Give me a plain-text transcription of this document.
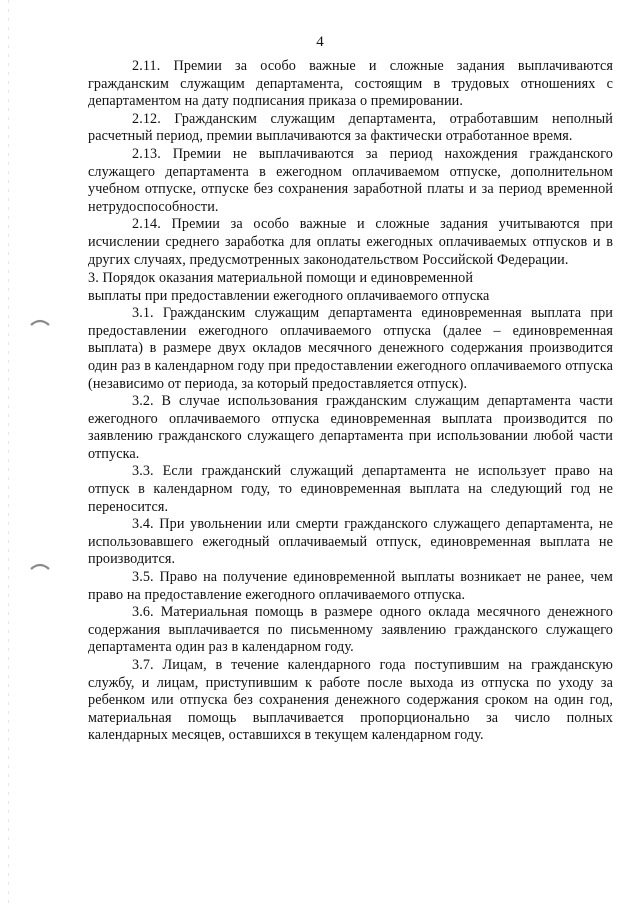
4

2.11. Премии за особо важные и сложные задания выплачиваются гражданским служащим департамента, состоящим в трудовых отношениях с департаментом на дату подписания приказа о премировании.

2.12. Гражданским служащим департамента, отработавшим неполный расчетный период, премии выплачиваются за фактически отработанное время.

2.13. Премии не выплачиваются за период нахождения гражданского служащего департамента в ежегодном оплачиваемом отпуске, дополнительном учебном отпуске, отпуске без сохранения заработной платы и за период временной нетрудоспособности.

2.14. Премии за особо важные и сложные задания учитываются при исчислении среднего заработка для оплаты ежегодных оплачиваемых отпусков и в других случаях, предусмотренных законодательством Российской Федерации.

3. Порядок оказания материальной помощи и единовременной
выплаты при предоставлении ежегодного оплачиваемого отпуска

3.1. Гражданским служащим департамента единовременная выплата при предоставлении ежегодного оплачиваемого отпуска (далее – единовременная выплата) в размере двух окладов месячного денежного содержания производится один раз в календарном году при предоставлении ежегодного оплачиваемого отпуска (независимо от периода, за который предоставляется отпуск).

3.2. В случае использования гражданским служащим департамента части ежегодного оплачиваемого отпуска единовременная выплата производится по заявлению гражданского служащего департамента при использовании любой части отпуска.

3.3. Если гражданский служащий департамента не использует право на отпуск в календарном году, то единовременная выплата на следующий год не переносится.

3.4. При увольнении или смерти гражданского служащего департамента, не использовавшего ежегодный оплачиваемый отпуск, единовременная выплата не производится.

3.5. Право на получение единовременной выплаты возникает не ранее, чем право на предоставление ежегодного оплачиваемого отпуска.

3.6. Материальная помощь в размере одного оклада месячного денежного содержания выплачивается по письменному заявлению гражданского служащего департамента один раз в календарном году.

3.7. Лицам, в течение календарного года поступившим на гражданскую службу, и лицам, приступившим к работе после выхода из отпуска по уходу за ребенком или отпуска без сохранения денежного содержания сроком на один год, материальная помощь выплачивается пропорционально за число полных календарных месяцев, оставшихся в текущем календарном году.
